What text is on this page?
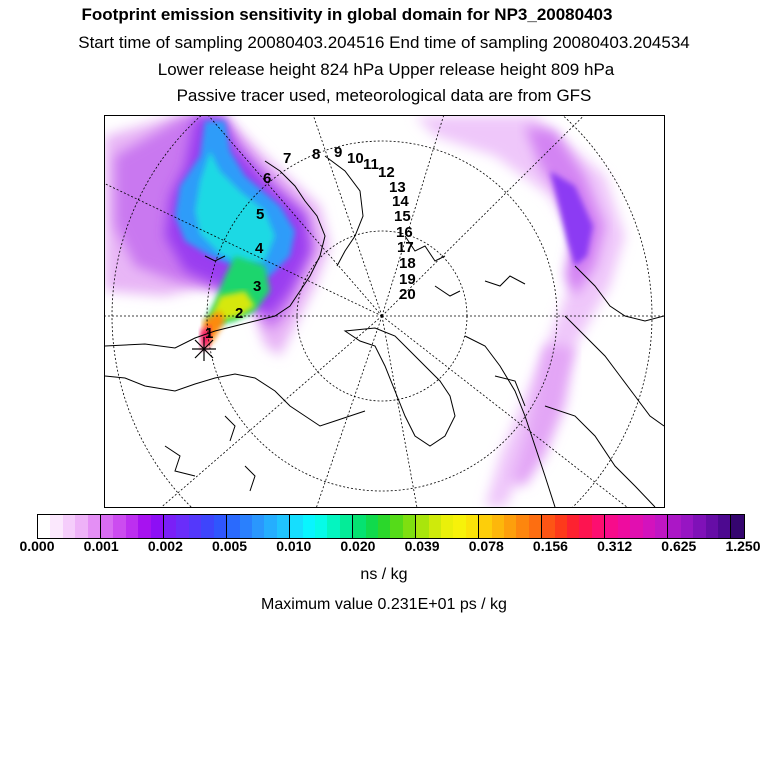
Footprint emission sensitivity in global domain for NP3_20080403
Start time of sampling 20080403.204516 End time of sampling 20080403.204534
Lower release height 824 hPa Upper release height 809 hPa
Passive tracer used, meteorological data are from GFS
1
2
3
4
5
6
7 8 9 10 11 12
13
14
15
16
17
18
19
20
ns / kg
Maximum value 0.231E+01 ps / kg
0.000 0.001 0.002 0.005 0.010 0.020 0.039 0.078 0.156 0.312 0.625 1.250
